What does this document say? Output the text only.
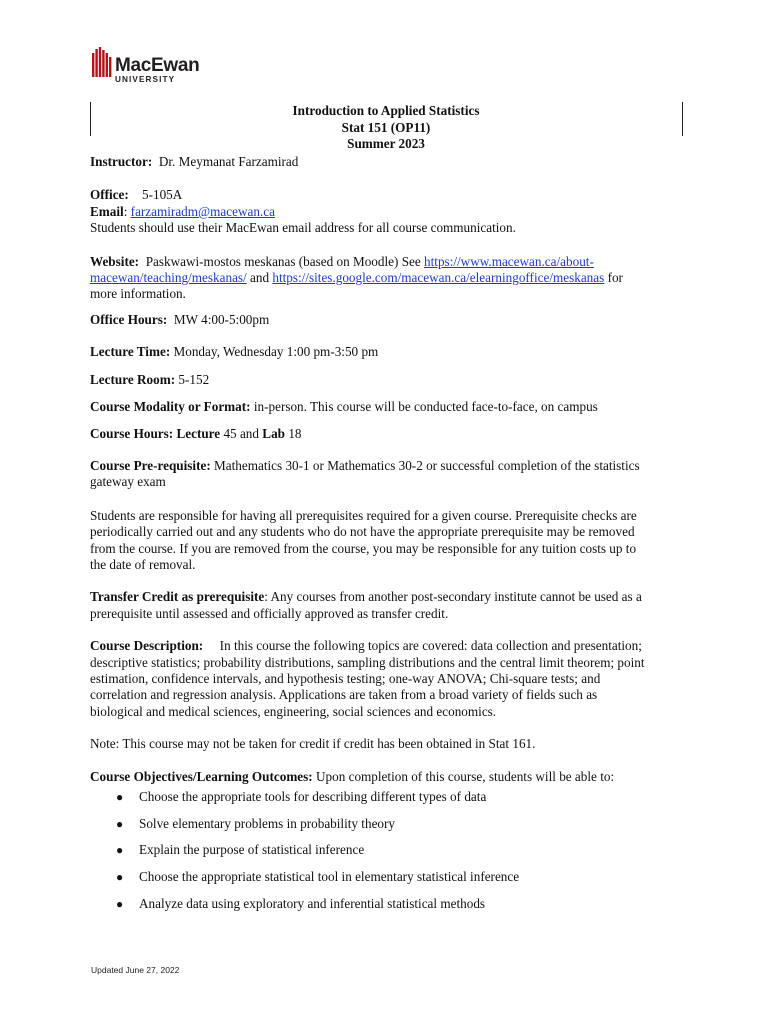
MacEwan
UNIVERSITY
Introduction to Applied Statistics
Stat 151 (OP11)
Summer 2023

Instructor: Dr. Meymanat Farzamirad

Office: 5-105A

Email: farzamiradm@macewan.ca

Students should use their MacEwan email address for all course communication.

Website: Paskwawi-mostos meskanas (based on Moodle) See https://www.macewan.ca/about-
macewan/teaching/meskanas/ and https://sites.google.com/macewan.ca/elearningoffice/meskanas for
more information.

Office Hours: MW 4:00-5:00pm

Lecture Time: Monday, Wednesday 1:00 pm-3:50 pm

Lecture Room: 5-152

Course Modality or Format: in-person. This course will be conducted face-to-face, on campus

Course Hours: Lecture 45 and Lab 18

Course Pre-requisite: Mathematics 30-1 or Mathematics 30-2 or successful completion of the statistics
gateway exam

Students are responsible for having all prerequisites required for a given course. Prerequisite checks are
periodically carried out and any students who do not have the appropriate prerequisite may be removed
from the course. If you are removed from the course, you may be responsible for any tuition costs up to
the date of removal.

Transfer Credit as prerequisite: Any courses from another post-secondary institute cannot be used as a
prerequisite until assessed and officially approved as transfer credit.

Course Description: In this course the following topics are covered: data collection and presentation;
descriptive statistics; probability distributions, sampling distributions and the central limit theorem; point
estimation, confidence intervals, and hypothesis testing; one-way ANOVA; Chi-square tests; and
correlation and regression analysis. Applications are taken from a broad variety of fields such as
biological and medical sciences, engineering, social sciences and economics.

Note: This course may not be taken for credit if credit has been obtained in Stat 161.

Course Objectives/Learning Outcomes: Upon completion of this course, students will be able to:

● Choose the appropriate tools for describing different types of data
● Solve elementary problems in probability theory
● Explain the purpose of statistical inference
● Choose the appropriate statistical tool in elementary statistical inference
● Analyze data using exploratory and inferential statistical methods
Updated June 27, 2022
